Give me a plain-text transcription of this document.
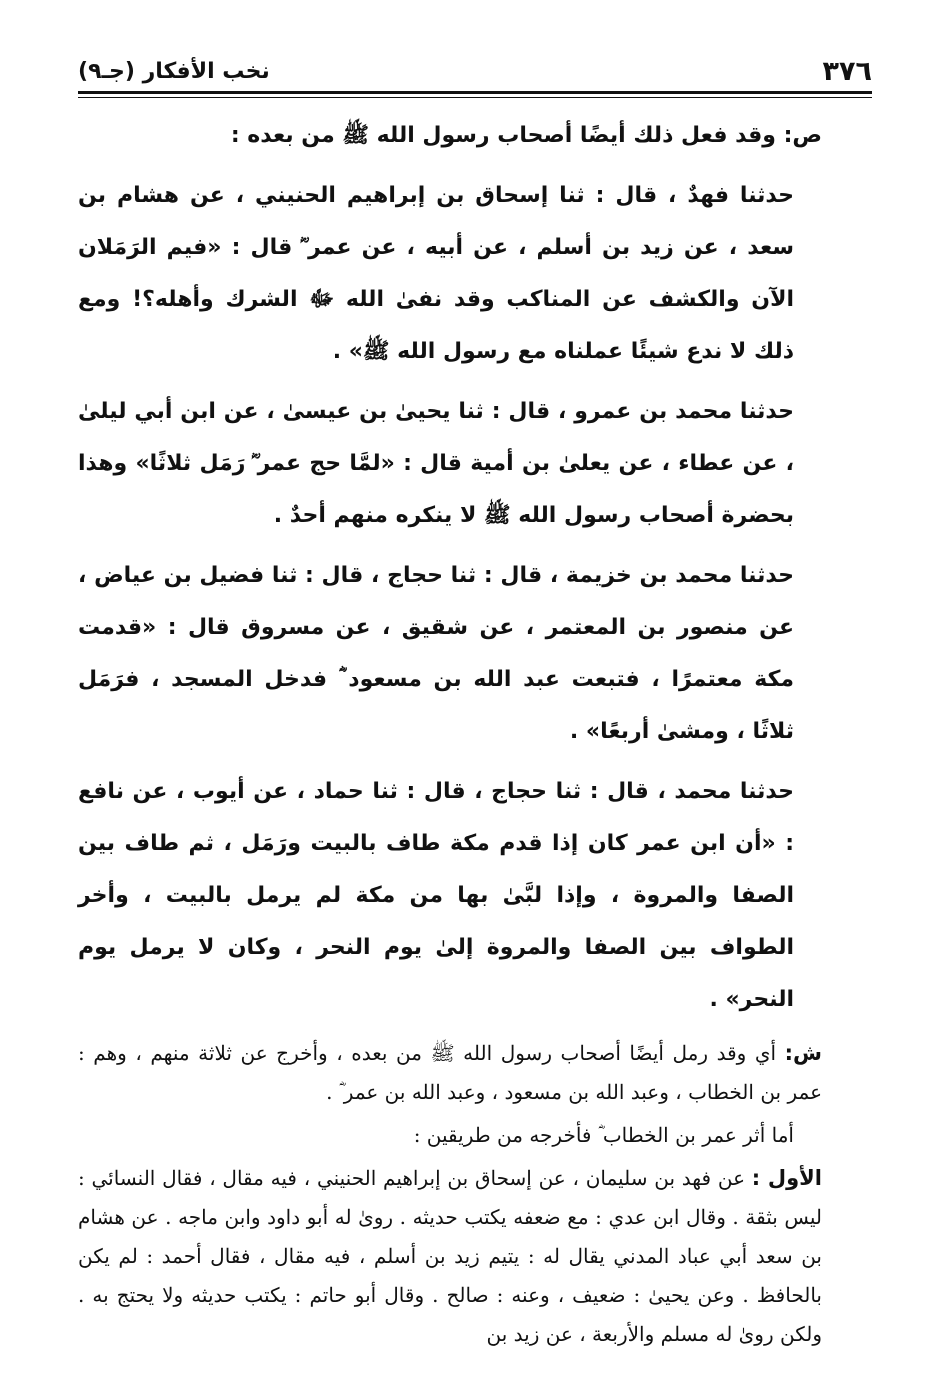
٣٧٦
نخب الأفكار (جـ٩)

ص: وقد فعل ذلك أيضًا أصحاب رسول الله ﷺ من بعده :

حدثنا فهدٌ ، قال : ثنا إسحاق بن إبراهيم الحنيني ، عن هشام بن سعد ، عن زيد بن أسلم ، عن أبيه ، عن عمر ؓ قال : «فيم الرَمَلان الآن والكشف عن المناكب وقد نفىٰ الله ﷻ الشرك وأهله؟! ومع ذلك لا ندع شيئًا عملناه مع رسول الله ﷺ» .

حدثنا محمد بن عمرو ، قال : ثنا يحيىٰ بن عيسىٰ ، عن ابن أبي ليلىٰ ، عن عطاء ، عن يعلىٰ بن أمية قال : «لمَّا حج عمر ؓ رَمَل ثلاثًا» وهذا بحضرة أصحاب رسول الله ﷺ لا ينكره منهم أحدٌ .

حدثنا محمد بن خزيمة ، قال : ثنا حجاج ، قال : ثنا فضيل بن عياض ، عن منصور بن المعتمر ، عن شقيق ، عن مسروق قال : «قدمت مكة معتمرًا ، فتبعت عبد الله بن مسعود ؓ فدخل المسجد ، فرَمَل ثلاثًا ، ومشىٰ أربعًا» .

حدثنا محمد ، قال : ثنا حجاج ، قال : ثنا حماد ، عن أيوب ، عن نافع : «أن ابن عمر كان إذا قدم مكة طاف بالبيت ورَمَل ، ثم طاف بين الصفا والمروة ، وإذا لبَّىٰ بها من مكة لم يرمل بالبيت ، وأخر الطواف بين الصفا والمروة إلىٰ يوم النحر ، وكان لا يرمل يوم النحر» .

ش: أي وقد رمل أيضًا أصحاب رسول الله ﷺ من بعده ، وأخرج عن ثلاثة منهم ، وهم : عمر بن الخطاب ، وعبد الله بن مسعود ، وعبد الله بن عمر ؓ .

أما أثر عمر بن الخطاب ؓ فأخرجه من طريقين :

الأول : عن فهد بن سليمان ، عن إسحاق بن إبراهيم الحنيني ، فيه مقال ، فقال النسائي : ليس بثقة . وقال ابن عدي : مع ضعفه يكتب حديثه . روىٰ له أبو داود وابن ماجه . عن هشام بن سعد أبي عباد المدني يقال له : يتيم زيد بن أسلم ، فيه مقال ، فقال أحمد : لم يكن بالحافظ . وعن يحيىٰ : ضعيف ، وعنه : صالح . وقال أبو حاتم : يكتب حديثه ولا يحتج به . ولكن روىٰ له مسلم والأربعة ، عن زيد بن
